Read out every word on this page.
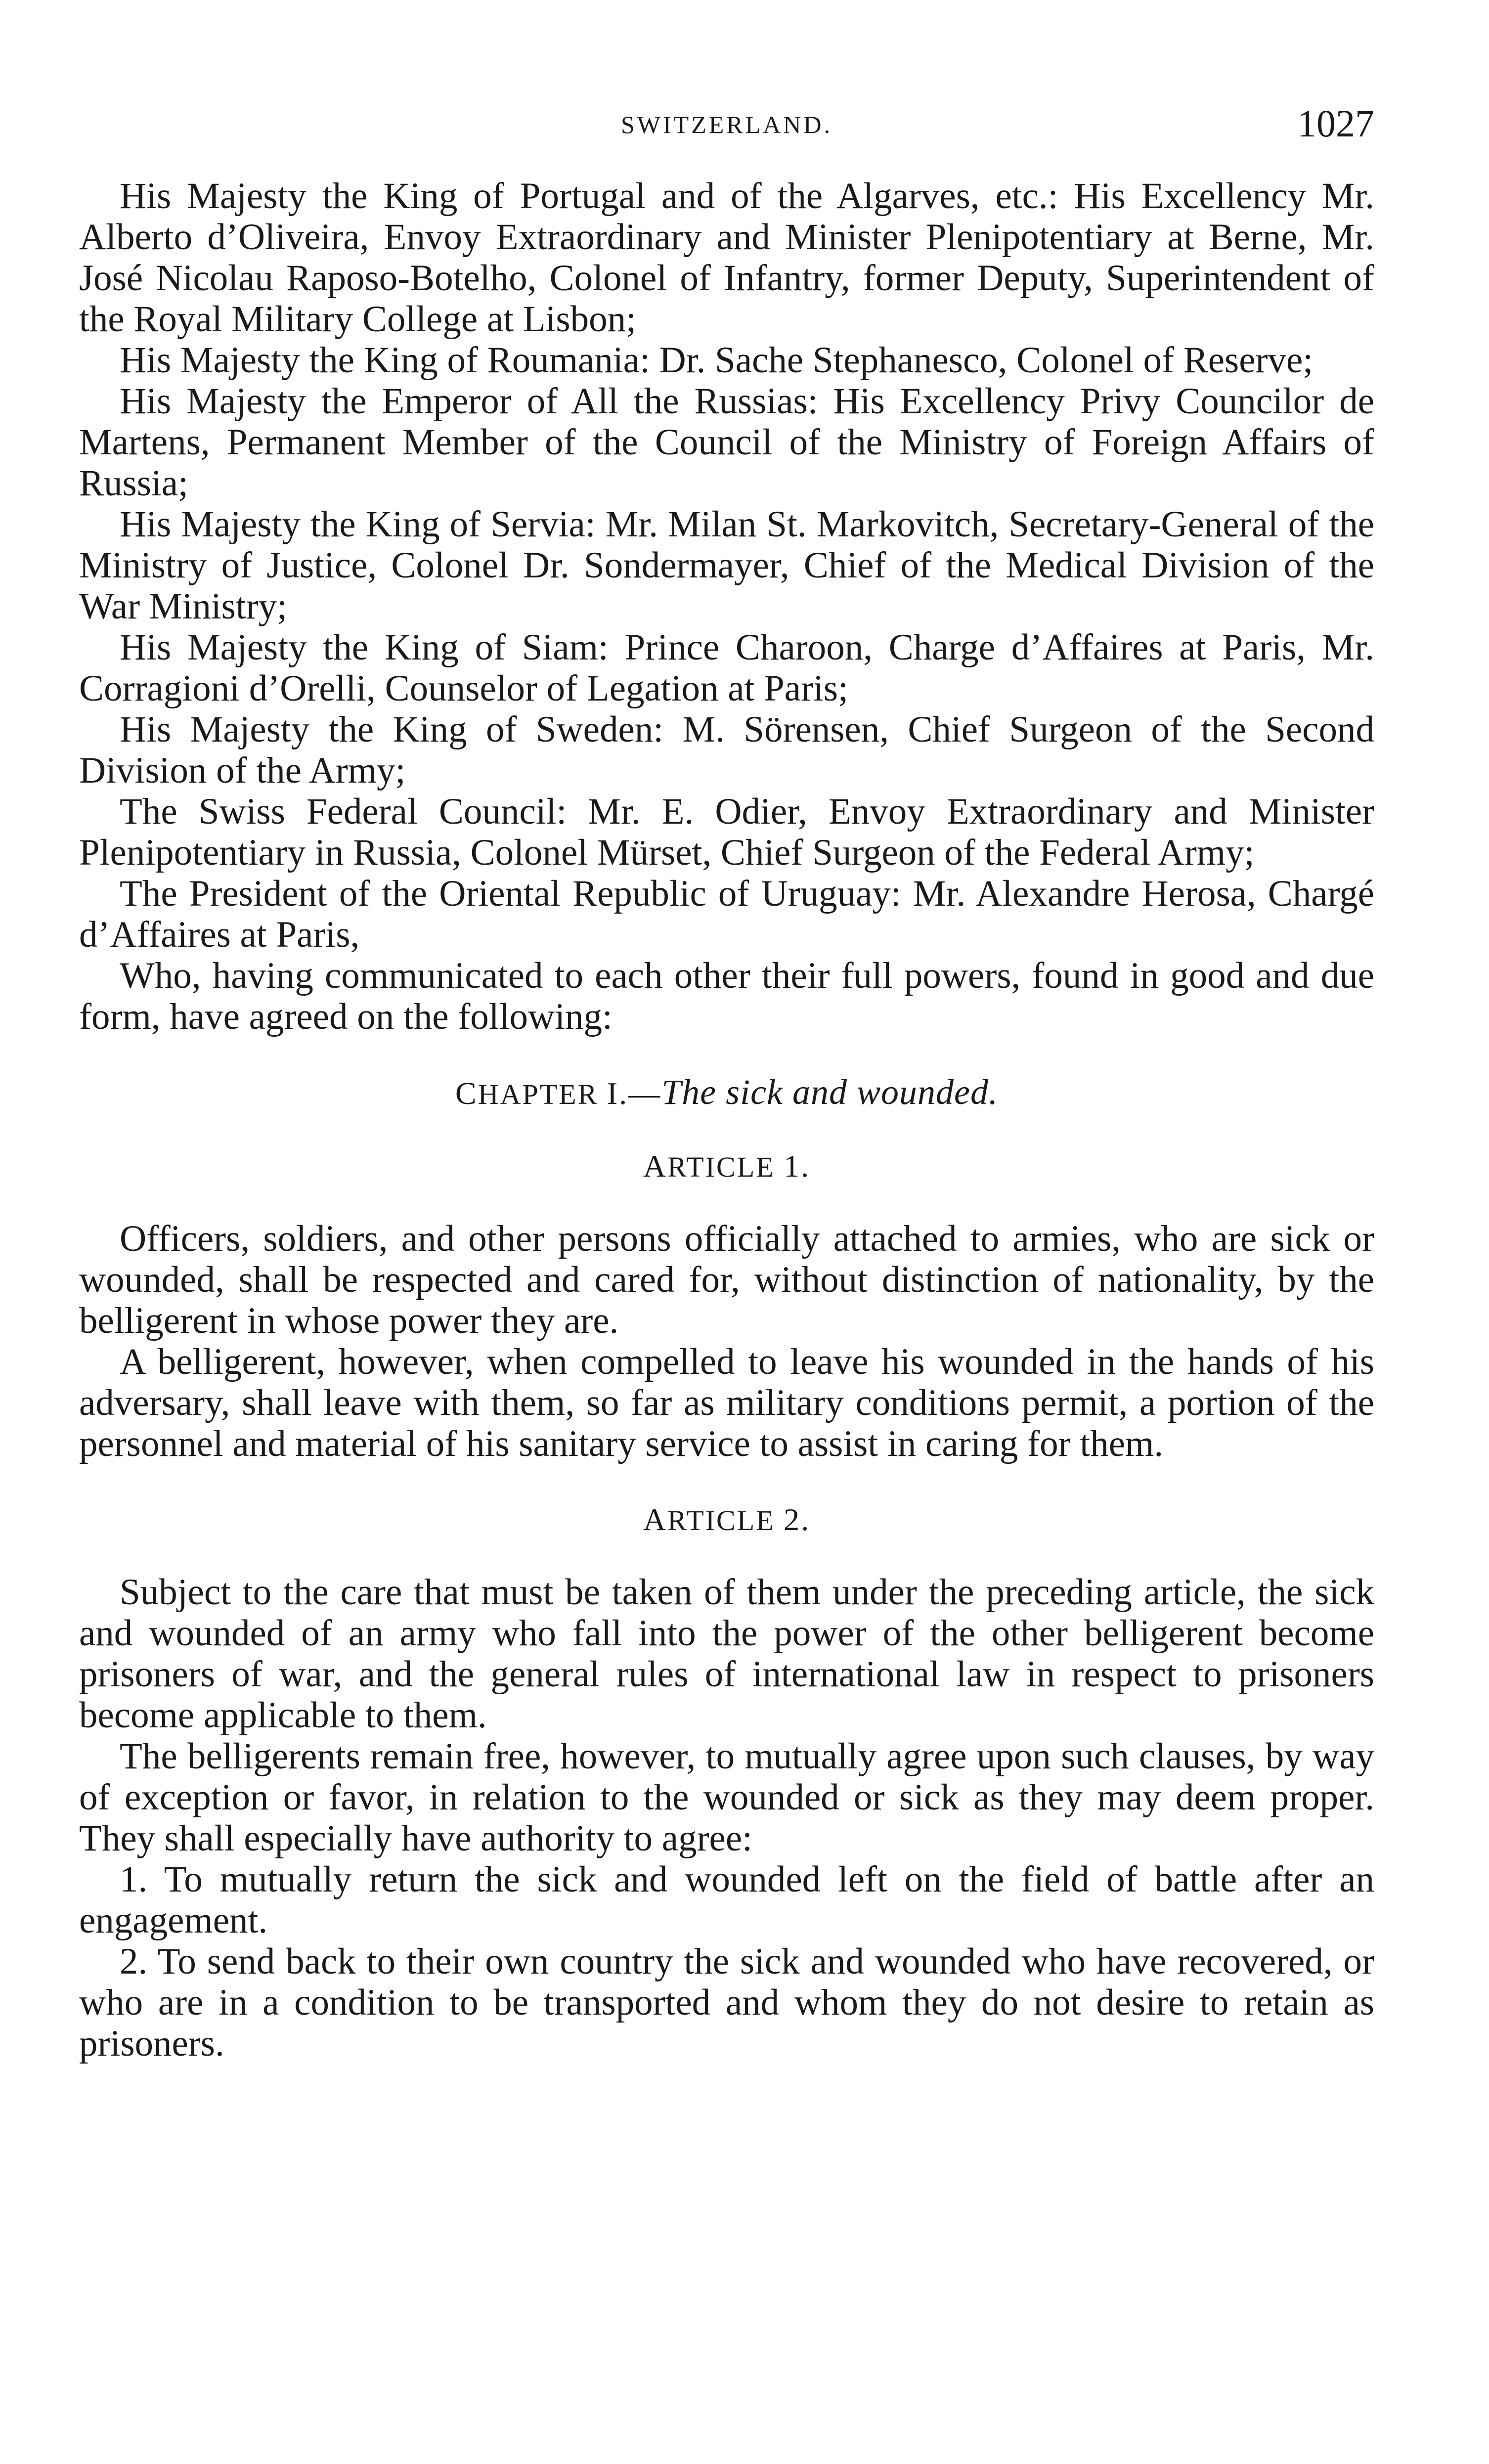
SWITZERLAND.	1027

His Majesty the King of Portugal and of the Algarves, etc.: His Excellency Mr. Alberto d’Oliveira, Envoy Extraordinary and Minister Plenipotentiary at Berne, Mr. José Nicolau Raposo-Botelho, Colonel of Infantry, former Deputy, Superintendent of the Royal Military College at Lisbon;

His Majesty the King of Roumania: Dr. Sache Stephanesco, Colonel of Reserve;

His Majesty the Emperor of All the Russias: His Excellency Privy Councilor de Martens, Permanent Member of the Council of the Ministry of Foreign Affairs of Russia;

His Majesty the King of Servia: Mr. Milan St. Markovitch, Secretary-General of the Ministry of Justice, Colonel Dr. Sondermayer, Chief of the Medical Division of the War Ministry;

His Majesty the King of Siam: Prince Charoon, Charge d’Affaires at Paris, Mr. Corragioni d’Orelli, Counselor of Legation at Paris;

His Majesty the King of Sweden: M. Sörensen, Chief Surgeon of the Second Division of the Army;

The Swiss Federal Council: Mr. E. Odier, Envoy Extraordinary and Minister Plenipotentiary in Russia, Colonel Mürset, Chief Surgeon of the Federal Army;

The President of the Oriental Republic of Uruguay: Mr. Alexandre Herosa, Chargé d’Affaires at Paris,

Who, having communicated to each other their full powers, found in good and due form, have agreed on the following:

CHAPTER I.—The sick and wounded.

ARTICLE 1.

Officers, soldiers, and other persons officially attached to armies, who are sick or wounded, shall be respected and cared for, without distinction of nationality, by the belligerent in whose power they are.

A belligerent, however, when compelled to leave his wounded in the hands of his adversary, shall leave with them, so far as military conditions permit, a portion of the personnel and material of his sanitary service to assist in caring for them.

ARTICLE 2.

Subject to the care that must be taken of them under the preceding article, the sick and wounded of an army who fall into the power of the other belligerent become prisoners of war, and the general rules of international law in respect to prisoners become applicable to them.

The belligerents remain free, however, to mutually agree upon such clauses, by way of exception or favor, in relation to the wounded or sick as they may deem proper. They shall especially have authority to agree:

1. To mutually return the sick and wounded left on the field of battle after an engagement.

2. To send back to their own country the sick and wounded who have recovered, or who are in a condition to be transported and whom they do not desire to retain as prisoners.
